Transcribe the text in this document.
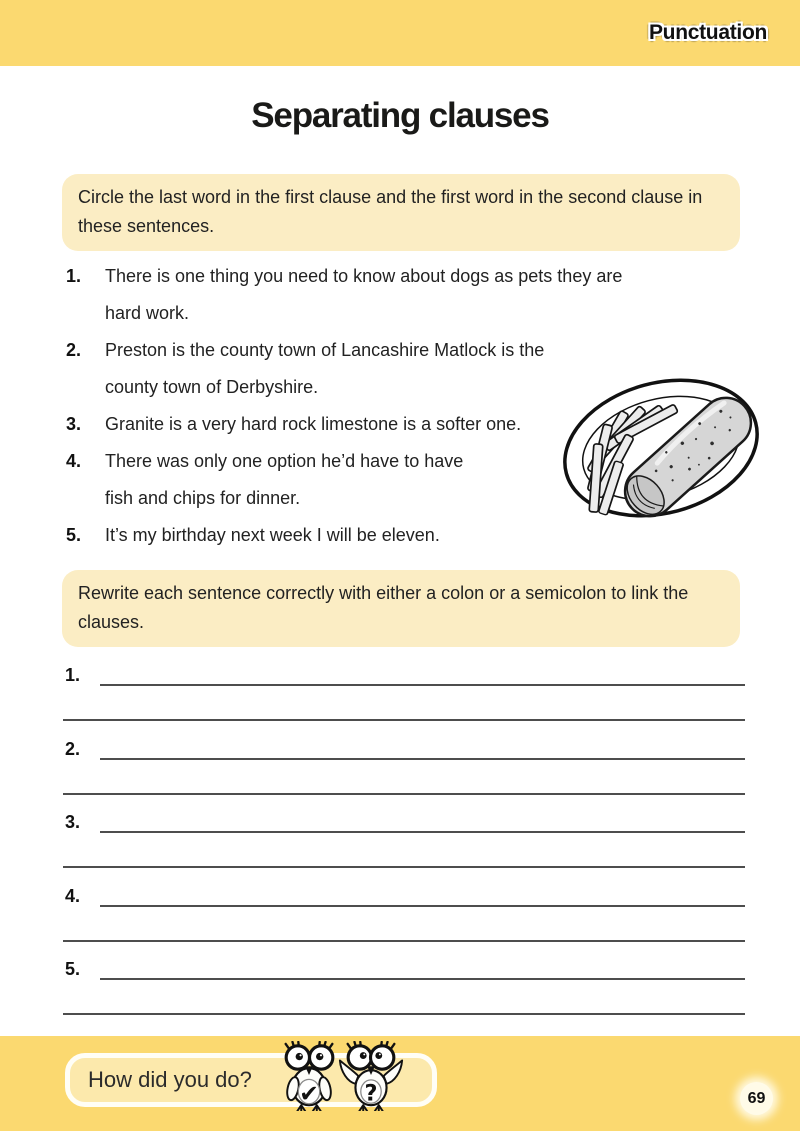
Punctuation
Separating clauses
Circle the last word in the first clause and the first word in the second clause in these sentences.
1.	There is one thing you need to know about dogs as pets they are
hard work.
2.	Preston is the county town of Lancashire Matlock is the
county town of Derbyshire.
3.	Granite is a very hard rock limestone is a softer one.
4.	There was only one option he’d have to have
fish and chips for dinner.
5.	It’s my birthday next week I will be eleven.
Rewrite each sentence correctly with either a colon or a semicolon to link the clauses.
1.
2.
3.
4.
5.
How did you do? ✔ ?	69
